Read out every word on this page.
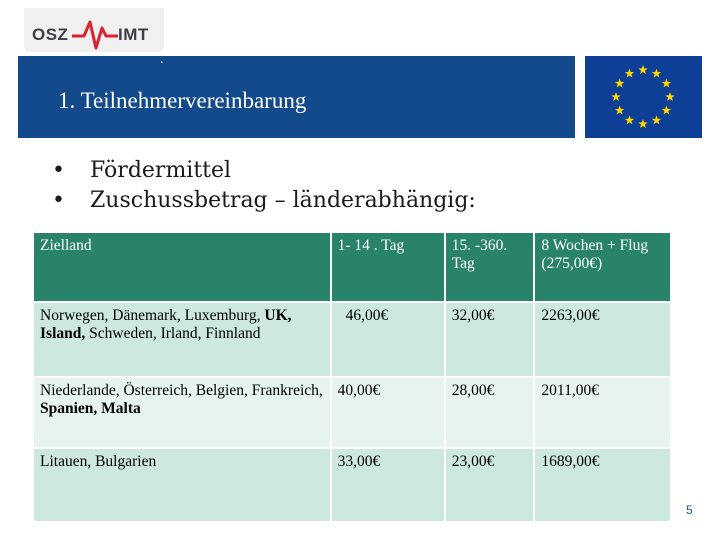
OSZ	IMT
.
1. Teilnehmervereinbarung
• Fördermittel
• Zuschussbetrag – länderabhängig:
Zielland	1- 14 . Tag	15. -360. Tag	8 Wochen + Flug (275,00€)
Norwegen, Dänemark, Luxemburg, UK, Island, Schweden, Irland, Finnland	46,00€	32,00€	2263,00€
Niederlande, Österreich, Belgien, Frankreich, Spanien, Malta	40,00€	28,00€	2011,00€
Litauen, Bulgarien	33,00€	23,00€	1689,00€
5
